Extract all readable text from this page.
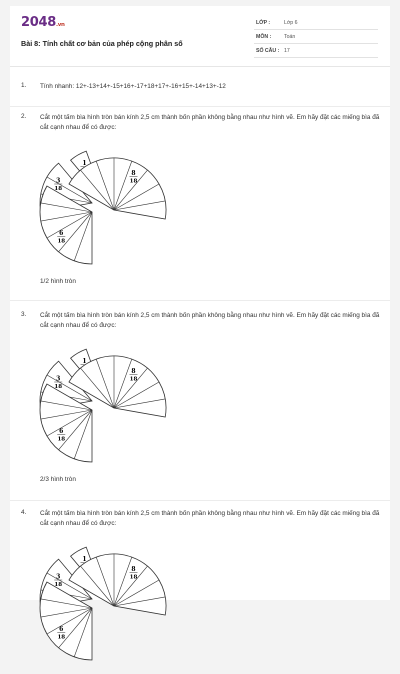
2048.vn
Bài 8: Tính chất cơ bản của phép cộng phân số
LỚP :	Lớp 6
MÔN : Toán
SỐ CÂU : 17
1. Tính nhanh: 12+-13+14+-15+16+-17+18+17+-16+15+-14+13+-12
2. Cắt một tấm bìa hình tròn bán kính 2,5 cm thành bốn phần không bằng nhau như hình vẽ. Em hãy đặt các miếng bìa đã cắt cạnh nhau để có được:
3
18
1
6
18
8
18
1/2 hình tròn
3. Cắt một tấm bìa hình tròn bán kính 2,5 cm thành bốn phần không bằng nhau như hình vẽ. Em hãy đặt các miếng bìa đã cắt cạnh nhau để có được:
3
18
1
6
18
8
18
2/3 hình tròn
4. Cắt một tấm bìa hình tròn bán kính 2,5 cm thành bốn phần không bằng nhau như hình vẽ. Em hãy đặt các miếng bìa đã cắt cạnh nhau để có được:
3
18
1
6
18
8
18
